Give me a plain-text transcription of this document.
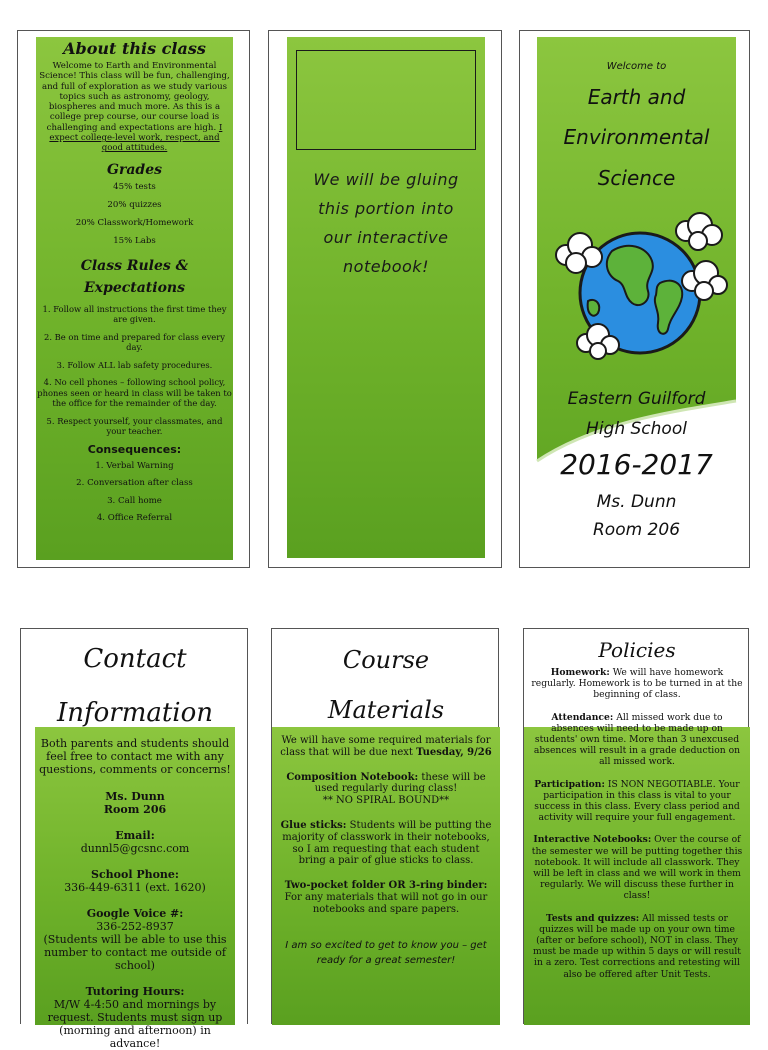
About this class
Welcome to Earth and Environmental Science! This class will be fun, challenging, and full of exploration as we study various topics such as astronomy, geology, biospheres and much more. As this is a college prep course, our course load is challenging and expectations are high. I expect college-level work, respect, and good attitudes.
Grades
45% tests
20% quizzes
20% Classwork/Homework
15% Labs
Class Rules &
Expectations
1. Follow all instructions the first time they are given.
2. Be on time and prepared for class every day.
3. Follow ALL lab safety procedures.
4. No cell phones – following school policy, phones seen or heard in class will be taken to the office for the remainder of the day.
5. Respect yourself, your classmates, and your teacher.
Consequences:
1. Verbal Warning
2. Conversation after class
3. Call home
4. Office Referral
We will be gluing this portion into our interactive notebook!
Welcome to
Earth and
Environmental
Science
Eastern Guilford
High School
2016-2017
Ms. Dunn
Room 206
Contact
Information
Both parents and students should feel free to contact me with any questions, comments or concerns!
Ms. Dunn
Room 206
Email:
dunnl5@gcsnc.com
School Phone:
336-449-6311 (ext. 1620)
Google Voice #:
336-252-8937
(Students will be able to use this number to contact me outside of school)
Tutoring Hours:
M/W 4-4:50 and mornings by request. Students must sign up (morning and afternoon) in advance!
Course
Materials
We will have some required materials for class that will be due next Tuesday, 9/26
Composition Notebook: these will be used regularly during class!
** NO SPIRAL BOUND**
Glue sticks: Students will be putting the majority of classwork in their notebooks, so I am requesting that each student bring a pair of glue sticks to class.
Two-pocket folder OR 3-ring binder: For any materials that will not go in our notebooks and spare papers.
I am so excited to get to know you – get ready for a great semester!
Policies
Homework: We will have homework regularly. Homework is to be turned in at the beginning of class.
Attendance: All missed work due to absences will need to be made up on students' own time. More than 3 unexcused absences will result in a grade deduction on all missed work.
Participation: IS NON NEGOTIABLE. Your participation in this class is vital to your success in this class. Every class period and activity will require your full engagement.
Interactive Notebooks: Over the course of the semester we will be putting together this notebook. It will include all classwork. They will be left in class and we will work in them regularly. We will discuss these further in class!
Tests and quizzes: All missed tests or quizzes will be made up on your own time (after or before school), NOT in class. They must be made up within 5 days or will result in a zero. Test corrections and retesting will also be offered after Unit Tests.
